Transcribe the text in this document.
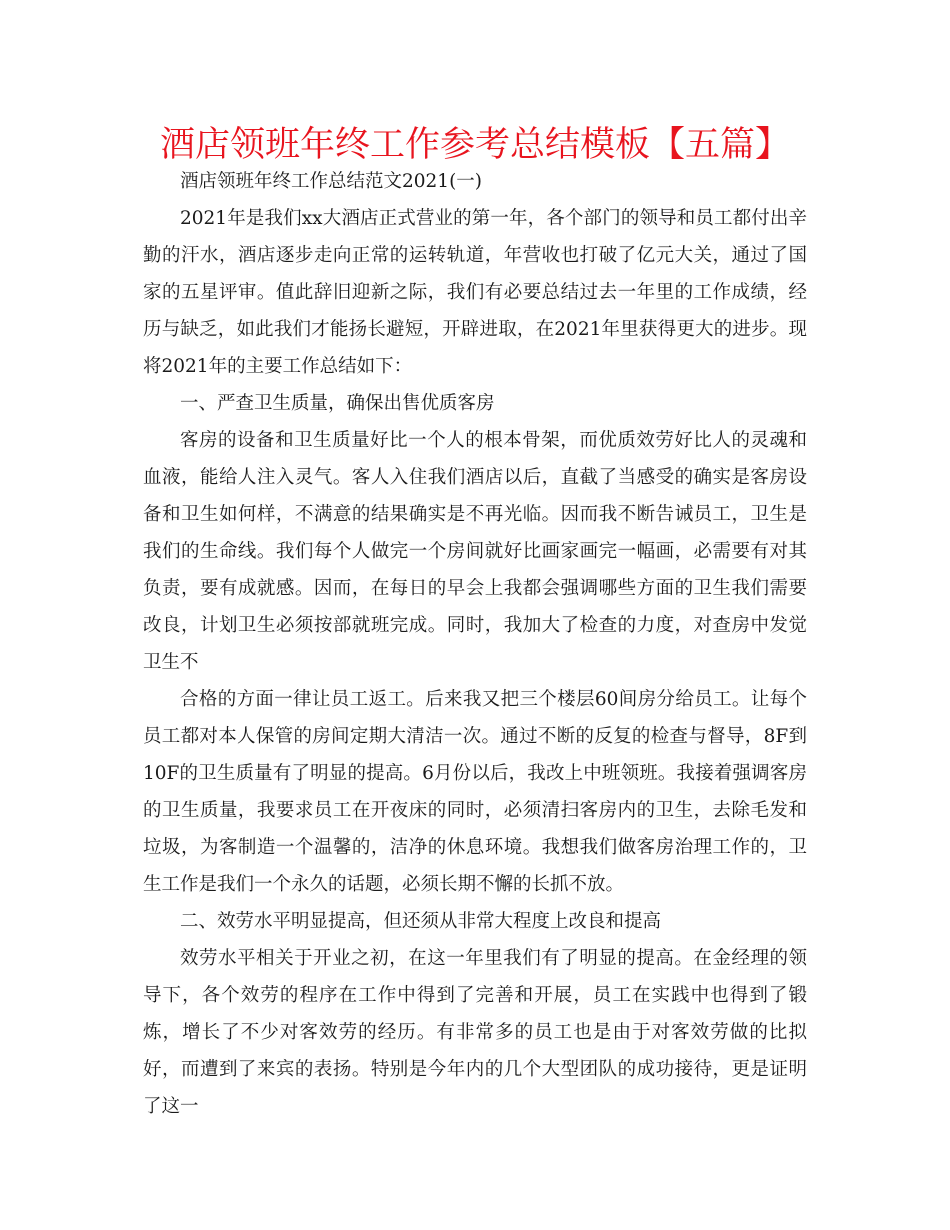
酒店领班年终工作参考总结模板【五篇】

酒店领班年终工作总结范文2021(一)

2021年是我们xx大酒店正式营业的第一年，各个部门的领导和员工都付出辛勤的汗水，酒店逐步走向正常的运转轨道，年营收也打破了亿元大关，通过了国家的五星评审。值此辞旧迎新之际，我们有必要总结过去一年里的工作成绩，经历与缺乏，如此我们才能扬长避短，开辟进取，在2021年里获得更大的进步。现将2021年的主要工作总结如下：

一、严查卫生质量，确保出售优质客房

客房的设备和卫生质量好比一个人的根本骨架，而优质效劳好比人的灵魂和血液，能给人注入灵气。客人入住我们酒店以后，直截了当感受的确实是客房设备和卫生如何样，不满意的结果确实是不再光临。因而我不断告诫员工，卫生是我们的生命线。我们每个人做完一个房间就好比画家画完一幅画，必需要有对其负责，要有成就感。因而，在每日的早会上我都会强调哪些方面的卫生我们需要改良，计划卫生必须按部就班完成。同时，我加大了检查的力度，对查房中发觉卫生不

合格的方面一律让员工返工。后来我又把三个楼层60间房分给员工。让每个员工都对本人保管的房间定期大清洁一次。通过不断的反复的检查与督导，8F到10F的卫生质量有了明显的提高。6月份以后，我改上中班领班。我接着强调客房的卫生质量，我要求员工在开夜床的同时，必须清扫客房内的卫生，去除毛发和垃圾，为客制造一个温馨的，洁净的休息环境。我想我们做客房治理工作的，卫生工作是我们一个永久的话题，必须长期不懈的长抓不放。

二、效劳水平明显提高，但还须从非常大程度上改良和提高

效劳水平相关于开业之初，在这一年里我们有了明显的提高。在金经理的领导下，各个效劳的程序在工作中得到了完善和开展，员工在实践中也得到了锻炼，增长了不少对客效劳的经历。有非常多的员工也是由于对客效劳做的比拟好，而遭到了来宾的表扬。特别是今年内的几个大型团队的成功接待，更是证明了这一
